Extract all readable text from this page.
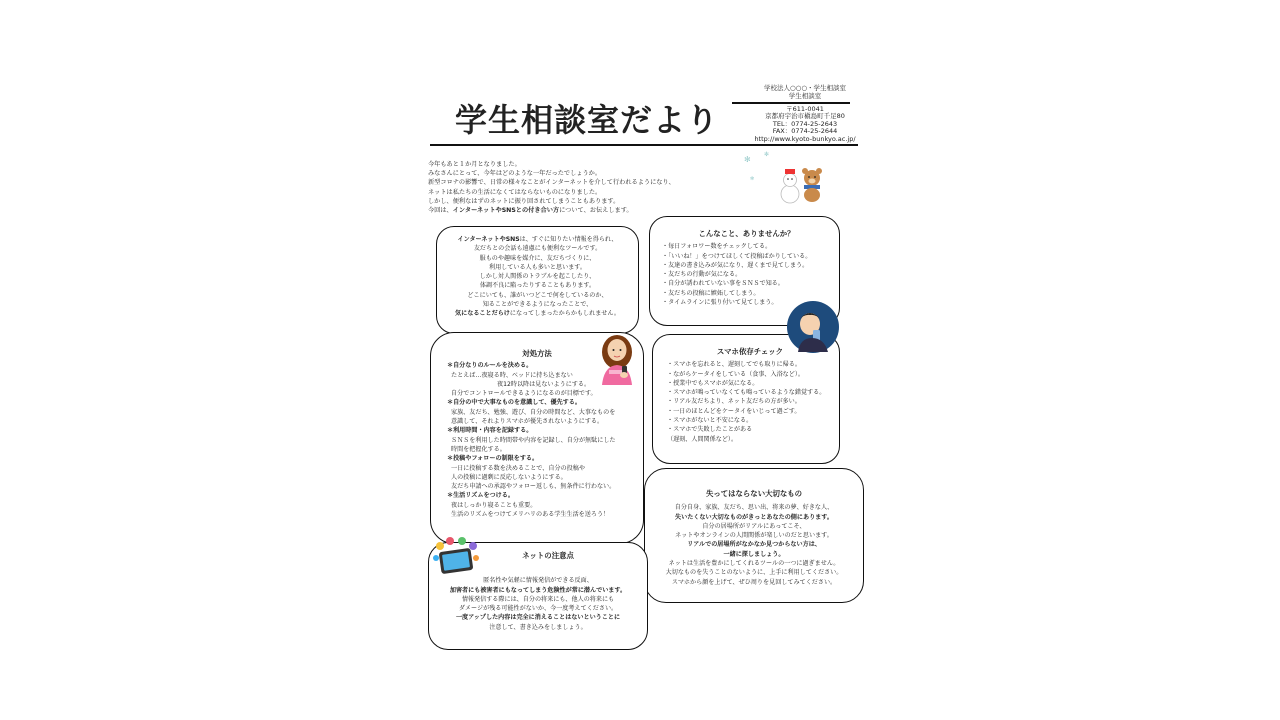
学生相談室だより
学校法人○○○・学生相談室
学生相談室
〒611-0041
京都府宇治市槇島町千足80
TEL：0774-25-2643
FAX：0774-25-2644
http://www.kyoto-bunkyo.ac.jp/
今年もあと１か月となりました。
みなさんにとって、今年はどのような一年だったでしょうか。
新型コロナの影響で、日常の様々なことがインターネットを介して行われるようになり、
ネットは私たちの生活になくてはならないものになりました。
しかし、便利なはずのネットに振り回されてしまうこともあります。
今回は、インターネットやSNSとの付き合い方について、お伝えします。
✻
✻
✻
インターネットやSNSは、すぐに知りたい情報を得られ、
友だちとの会話も遠慮にも便利なツールです。
服ものや趣味を媒介に、友だちづくりに、
利用している人も多いと思います。
しかし対人関係のトラブルを起こしたり、
体調不良に陥ったりすることもあります。
どこにいても、誰がいつどこで何をしているのか、
知ることができるようになったことで、
気になることだらけになってしまったからかもしれません。
こんなこと、ありませんか？
・毎日フォロワー数をチェックしてる。
・「いいね！」をつけてほしくて投稿ばかりしている。
・友達の書き込みが気になり、遅くまで見てしまう。
・友だちの行動が気になる。
・自分が誘われていない事をＳＮＳで知る。
・友だちの投稿に嫉妬してしまう。
・タイムラインに張り付いて見てしまう。
対処方法
＊自分なりのルールを決める。
たとえば…夜寝る時、ベッドに持ち込まない
夜12時以降は見ないようにする。
自分でコントロールできるようになるのが目標です。
＊自分の中で大事なものを意識して、優先する。
家族、友だち、勉強、遊び、自分の時間など、大事なものを
意識して、それよりスマホが優先されないようにする。
＊利用時間・内容を記録する。
ＳＮＳを利用した時間帯や内容を記録し、自分が無駄にした
時間を把握化する。
＊投稿やフォローの制限をする。
一日に投稿する数を決めることで、自分の投稿や
人の投稿に過剰に反応しないようにする。
友だち申請への承認やフォロー返しも、無条件に行わない。
＊生活リズムをつける。
夜はしっかり寝ることも重要。
生活のリズムをつけてメリハリのある学生生活を送ろう！
スマホ依存チェック
・スマホを忘れると、遅刻してでも取りに帰る。
・ながらケータイをしている（食事、入浴など）。
・授業中でもスマホが気になる。
・スマホが鳴っていなくても鳴っているような錯覚する。
・リアル友だちより、ネット友だちの方が多い。
・一日のほとんどをケータイをいじって過ごす。
・スマホがないと不安になる。
・スマホで失敗したことがある
（遅刻、人間関係など）。
失ってはならない大切なもの
自分自身、家族、友だち、思い出、将来の夢、好きな人、
失いたくない大切なものがきっとあなたの側にあります。
自分の居場所がリアルにあってこそ、
ネットやオンラインの人間関係が楽しいのだと思います。
リアルでの居場所がなかなか見つからない方は、
一緒に探しましょう。
ネットは生活を豊かにしてくれるツールの一つに過ぎません。
大切なものを失うことのないように、上手に利用してください。
スマホから顔を上げて、ぜひ周りを見回してみてください。
ネットの注意点
匿名性や気軽に情報発信ができる反面、
加害者にも被害者にもなってしまう危険性が常に潜んでいます。
情報発信する際には、自分の将来にも、他人の将来にも
ダメージが残る可能性がないか、今一度考えてください。
一度アップした内容は完全に消えることはないということに
注意して、書き込みをしましょう。
